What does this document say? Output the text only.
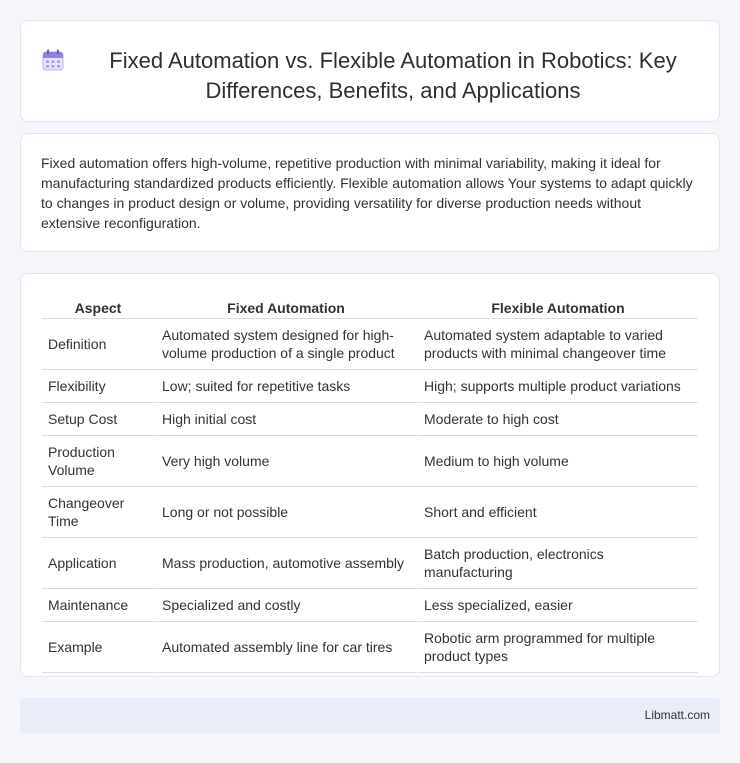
Fixed Automation vs. Flexible Automation in Robotics: Key Differences, Benefits, and Applications

Fixed automation offers high-volume, repetitive production with minimal variability, making it ideal for manufacturing standardized products efficiently. Flexible automation allows Your systems to adapt quickly to changes in product design or volume, providing versatility for diverse production needs without extensive reconfiguration.

Aspect	Fixed Automation	Flexible Automation
Definition	Automated system designed for high-volume production of a single product	Automated system adaptable to varied products with minimal changeover time
Flexibility	Low; suited for repetitive tasks	High; supports multiple product variations
Setup Cost	High initial cost	Moderate to high cost
Production Volume	Very high volume	Medium to high volume
Changeover Time	Long or not possible	Short and efficient
Application	Mass production, automotive assembly	Batch production, electronics manufacturing
Maintenance	Specialized and costly	Less specialized, easier
Example	Automated assembly line for car tires	Robotic arm programmed for multiple product types
Libmatt.com
